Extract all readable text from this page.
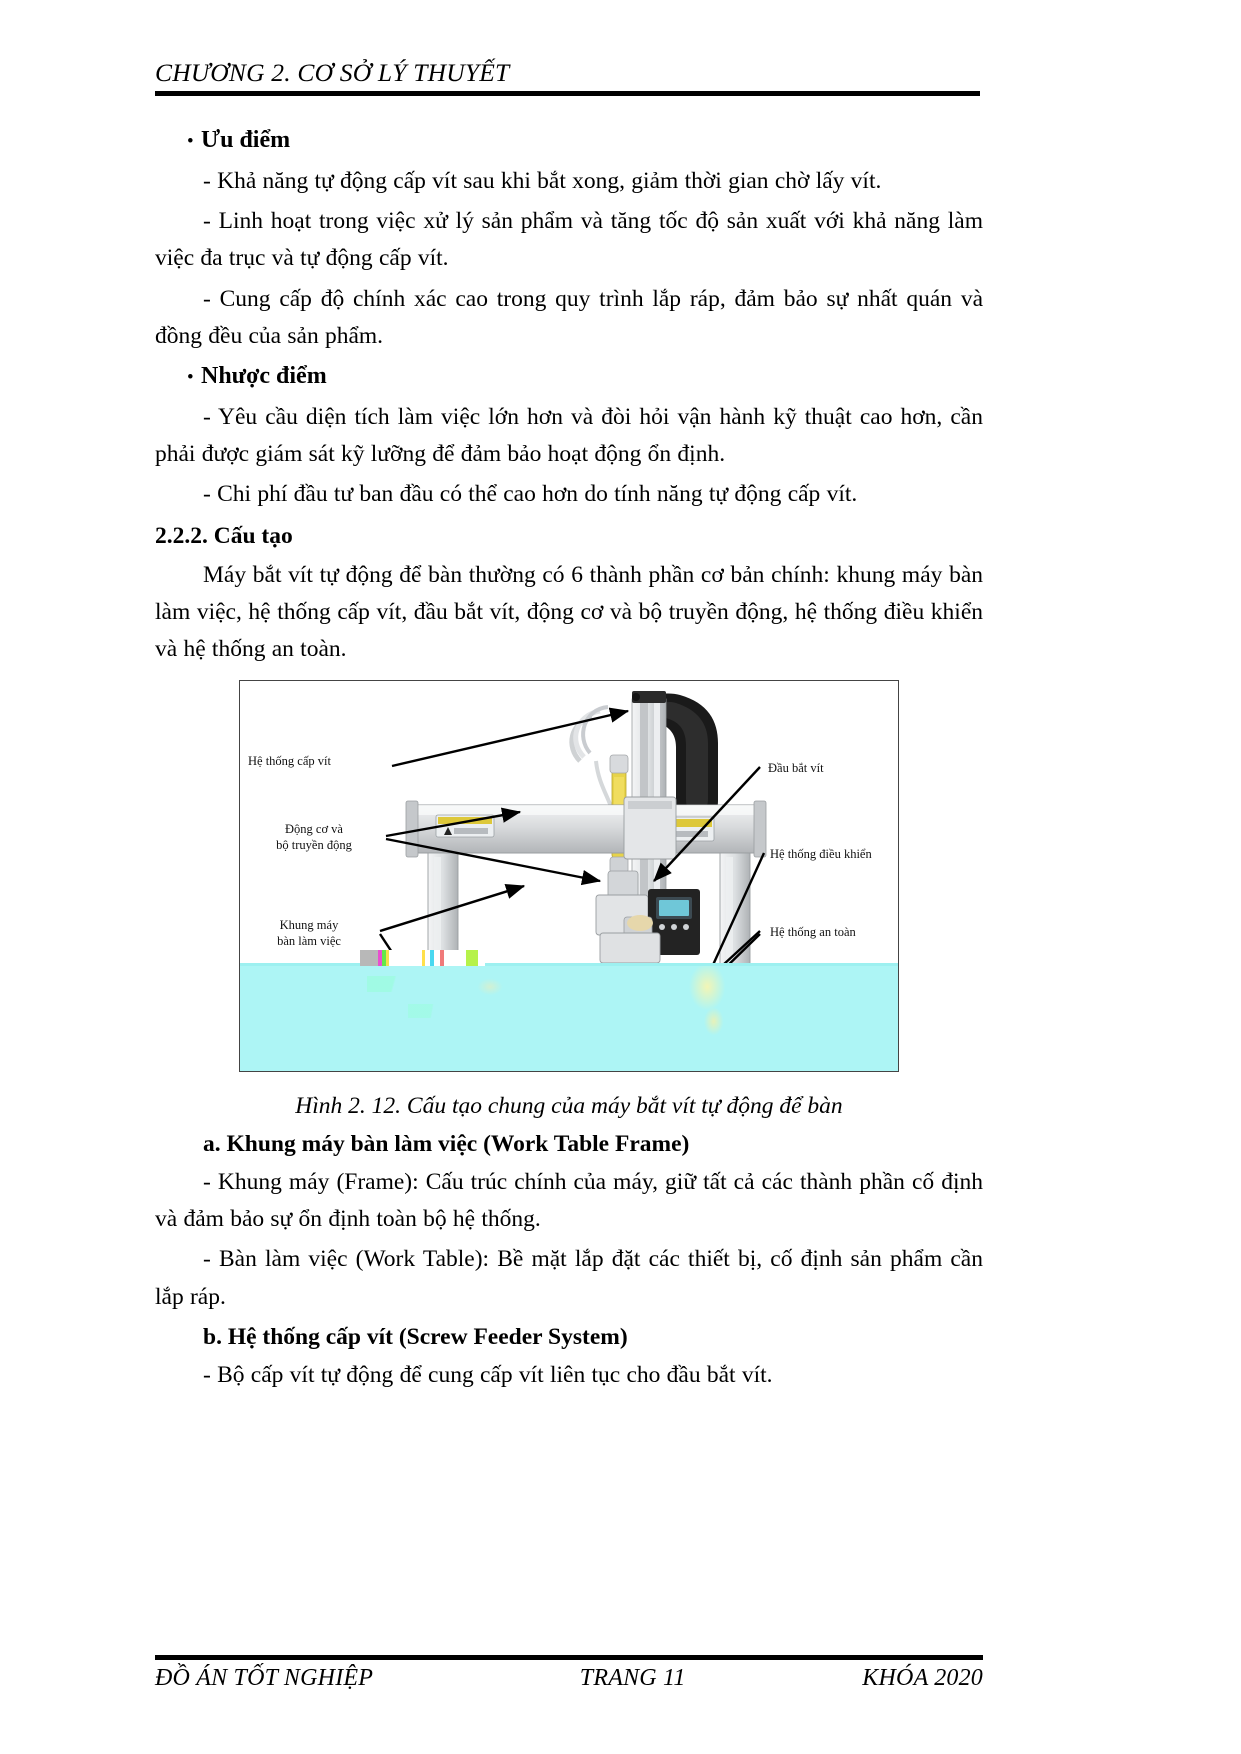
CHƯƠNG 2. CƠ SỞ LÝ THUYẾT
• Ưu điểm

- Khả năng tự động cấp vít sau khi bắt xong, giảm thời gian chờ lấy vít.

- Linh hoạt trong việc xử lý sản phẩm và tăng tốc độ sản xuất với khả năng làm việc đa trục và tự động cấp vít.

- Cung cấp độ chính xác cao trong quy trình lắp ráp, đảm bảo sự nhất quán và đồng đều của sản phẩm.

• Nhược điểm

- Yêu cầu diện tích làm việc lớn hơn và đòi hỏi vận hành kỹ thuật cao hơn, cần phải được giám sát kỹ lưỡng để đảm bảo hoạt động ổn định.

- Chi phí đầu tư ban đầu có thể cao hơn do tính năng tự động cấp vít.

2.2.2. Cấu tạo

Máy bắt vít tự động để bàn thường có 6 thành phần cơ bản chính: khung máy bàn làm việc, hệ thống cấp vít, đầu bắt vít, động cơ và bộ truyền động, hệ thống điều khiển và hệ thống an toàn.

Hệ thống cấp vít
Động cơ và
bộ truyền động
Khung máy
bàn làm việc
Đầu bắt vít
Hệ thống điều khiển
Hệ thống an toàn
Hình 2. 12. Cấu tạo chung của máy bắt vít tự động để bàn
a. Khung máy bàn làm việc (Work Table Frame)

- Khung máy (Frame): Cấu trúc chính của máy, giữ tất cả các thành phần cố định và đảm bảo sự ổn định toàn bộ hệ thống.

- Bàn làm việc (Work Table): Bề mặt lắp đặt các thiết bị, cố định sản phẩm cần lắp ráp.

b. Hệ thống cấp vít (Screw Feeder System)

- Bộ cấp vít tự động để cung cấp vít liên tục cho đầu bắt vít.

ĐỒ ÁN TỐT NGHIỆP	TRANG 11	KHÓA 2020
